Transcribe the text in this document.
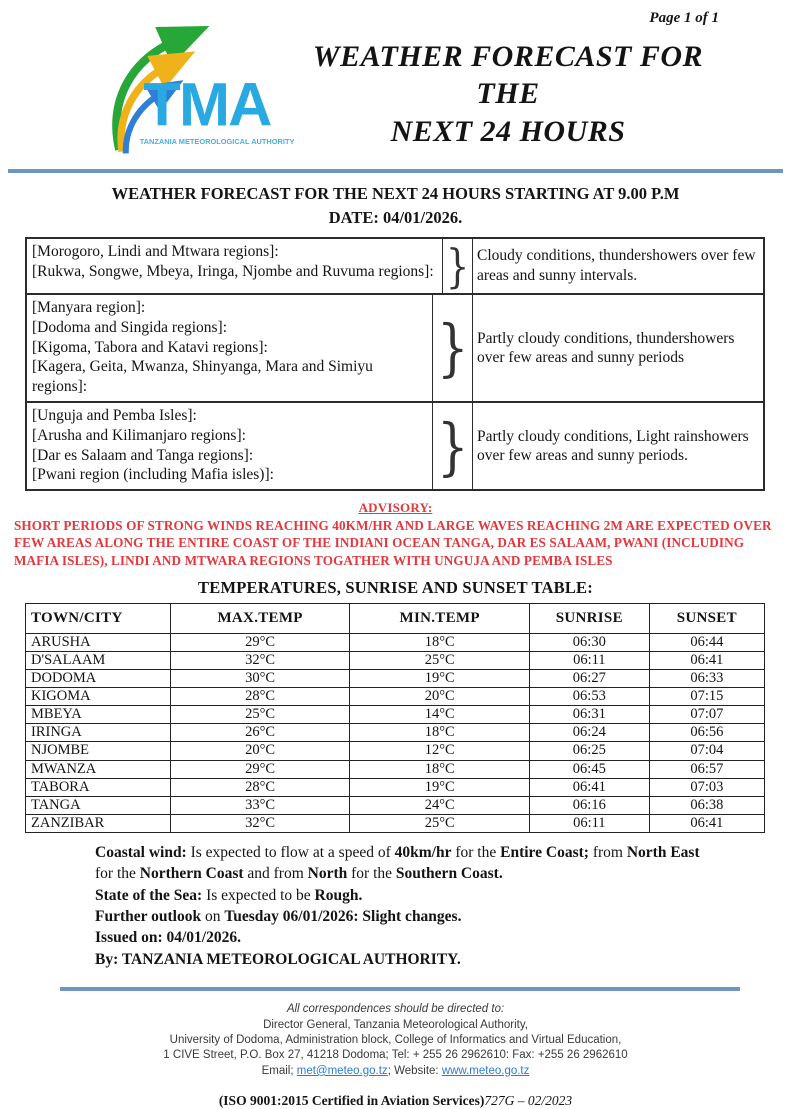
Page 1 of 1
TMA
TANZANIA METEOROLOGICAL AUTHORITY
WEATHER FORECAST FOR THE
NEXT 24 HOURS
WEATHER FORECAST FOR THE NEXT 24 HOURS STARTING AT 9.00 P.M
DATE: 04/01/2026.
[Morogoro, Lindi and Mtwara regions]:
[Rukwa, Songwe, Mbeya, Iringa, Njombe and Ruvuma regions]: } Cloudy conditions, thundershowers over few areas and sunny intervals.
[Manyara region]:
[Dodoma and Singida regions]:
[Kigoma, Tabora and Katavi regions]:
[Kagera, Geita, Mwanza, Shinyanga, Mara and Simiyu regions]:
} Partly cloudy conditions, thundershowers over few areas and sunny periods
[Unguja and Pemba Isles]:
[Arusha and Kilimanjaro regions]:
[Dar es Salaam and Tanga regions]:
[Pwani region (including Mafia isles)]:	} Partly cloudy conditions, Light rainshowers over few areas and sunny periods.
ADVISORY:
SHORT PERIODS OF STRONG WINDS REACHING 40KM/HR AND LARGE WAVES REACHING 2M ARE EXPECTED OVER FEW AREAS ALONG THE ENTIRE COAST OF THE INDIANI OCEAN TANGA, DAR ES SALAAM, PWANI (INCLUDING MAFIA ISLES), LINDI AND MTWARA REGIONS TOGATHER WITH UNGUJA AND PEMBA ISLES
TEMPERATURES, SUNRISE AND SUNSET TABLE:
TOWN/CITY	MAX.TEMP	MIN.TEMP	SUNRISE	SUNSET
ARUSHA	29°C	18°C	06:30	06:44
D'SALAAM	32°C	25°C	06:11	06:41
DODOMA	30°C	19°C	06:27	06:33
KIGOMA	28°C	20°C	06:53	07:15
MBEYA	25°C	14°C	06:31	07:07
IRINGA	26°C	18°C	06:24	06:56
NJOMBE	20°C	12°C	06:25	07:04
MWANZA	29°C	18°C	06:45	06:57
TABORA	28°C	19°C	06:41	07:03
TANGA	33°C	24°C	06:16	06:38
ZANZIBAR	32°C	25°C	06:11	06:41
Coastal wind: Is expected to flow at a speed of 40km/hr for the Entire Coast; from North East for the Northern Coast and from North for the Southern Coast.
State of the Sea: Is expected to be Rough.
Further outlook on Tuesday 06/01/2026: Slight changes.
Issued on: 04/01/2026.
By: TANZANIA METEOROLOGICAL AUTHORITY.
All correspondences should be directed to:
Director General, Tanzania Meteorological Authority,
University of Dodoma, Administration block, College of Informatics and Virtual Education,
1 CIVE Street, P.O. Box 27, 41218 Dodoma; Tel: + 255 26 2962610: Fax: +255 26 2962610
Email; met@meteo.go.tz; Website: www.meteo.go.tz
(ISO 9001:2015 Certified in Aviation Services)727G – 02/2023
